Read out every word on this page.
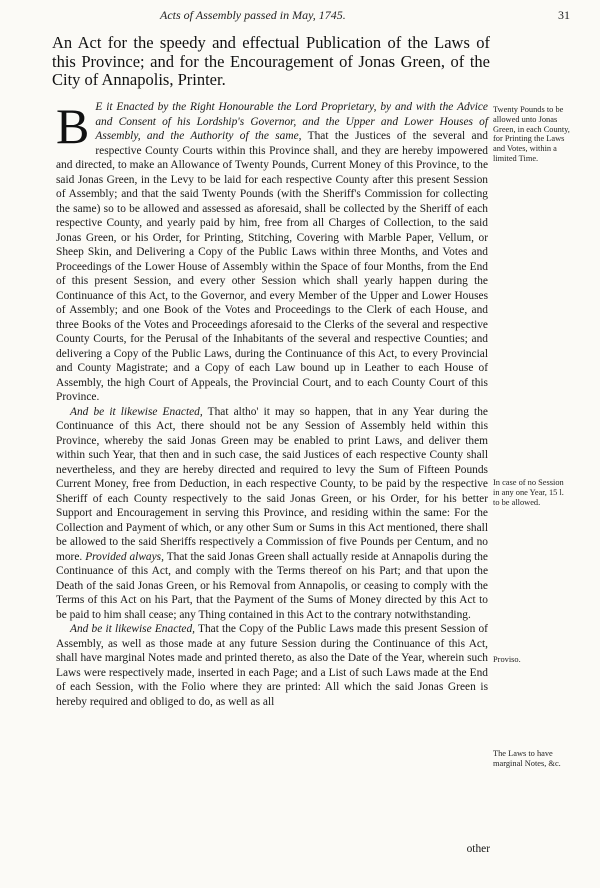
Acts of Assembly passed in May, 1745.	31
An Act for the speedy and effectual Publication of the Laws of this Province; and for the Encouragement of Jonas Green, of the City of Annapolis, Printer.

B E it Enacted by the Right Honourable the Lord Proprietary, by and with the Advice and Consent of his Lordship's Governor, and the Upper and Lower Houses of Assembly, and the Authority of the same, That the Justices of the several and respective County Courts within this Province shall, and they are hereby impowered and directed, to make an Allowance of Twenty Pounds, Current Money of this Province, to the said Jonas Green, in the Levy to be laid for each respective County after this present Session of Assembly; and that the said Twenty Pounds (with the Sheriff's Commission for collecting the same) so to be allowed and assessed as aforesaid, shall be collected by the Sheriff of each respective County, and yearly paid by him, free from all Charges of Collection, to the said Jonas Green, or his Order, for Printing, Stitching, Covering with Marble Paper, Vellum, or Sheep Skin, and Delivering a Copy of the Public Laws within three Months, and Votes and Proceedings of the Lower House of Assembly within the Space of four Months, from the End of this present Session, and every other Session which shall yearly happen during the Continuance of this Act, to the Governor, and every Member of the Upper and Lower Houses of Assembly; and one Book of the Votes and Proceedings to the Clerk of each House, and three Books of the Votes and Proceedings aforesaid to the Clerks of the several and respective County Courts, for the Perusal of the Inhabitants of the several and respective Counties; and delivering a Copy of the Public Laws, during the Continuance of this Act, to every Provincial and County Magistrate; and a Copy of each Law bound up in Leather to each House of Assembly, the high Court of Appeals, the Provincial Court, and to each County Court of this Province.

And be it likewise Enacted, That altho' it may so happen, that in any Year during the Continuance of this Act, there should not be any Session of Assembly held within this Province, whereby the said Jonas Green may be enabled to print Laws, and deliver them within such Year, that then and in such case, the said Justices of each respective County shall nevertheless, and they are hereby directed and required to levy the Sum of Fifteen Pounds Current Money, free from Deduction, in each respective County, to be paid by the respective Sheriff of each County respectively to the said Jonas Green, or his Order, for his better Support and Encouragement in serving this Province, and residing within the same: For the Collection and Payment of which, or any other Sum or Sums in this Act mentioned, there shall be allowed to the said Sheriffs respectively a Commission of five Pounds per Centum, and no more. Provided always, That the said Jonas Green shall actually reside at Annapolis during the Continuance of this Act, and comply with the Terms thereof on his Part; and that upon the Death of the said Jonas Green, or his Removal from Annapolis, or ceasing to comply with the Terms of this Act on his Part, that the Payment of the Sums of Money directed by this Act to be paid to him shall cease; any Thing contained in this Act to the contrary notwithstanding.

And be it likewise Enacted, That the Copy of the Public Laws made this present Session of Assembly, as well as those made at any future Session during the Continuance of this Act, shall have marginal Notes made and printed thereto, as also the Date of the Year, wherein such Laws were respectively made, inserted in each Page; and a List of such Laws made at the End of each Session, with the Folio where they are printed: All which the said Jonas Green is hereby required and obliged to do, as well as all

Twenty Pounds to be allowed unto Jonas Green, in each County, for Printing the Laws and Votes, within a limited Time.
In case of no Session in any one Year, 15 l. to be allowed.
Proviso.
The Laws to have marginal Notes, &c.
other
